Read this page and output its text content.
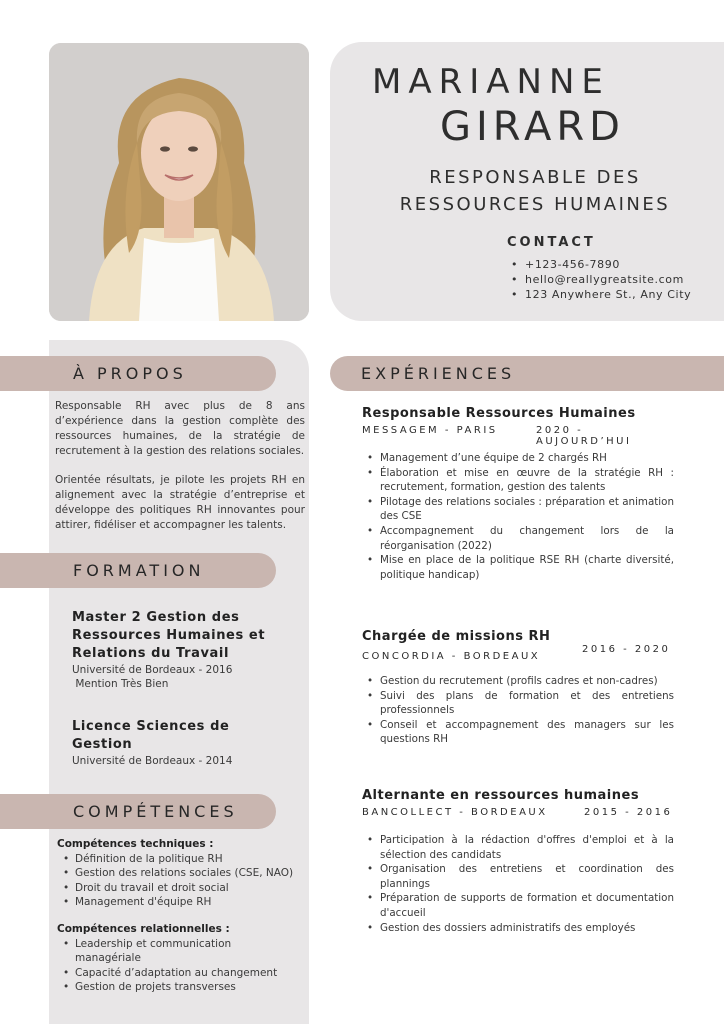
MARIANNE
GIRARD
RESPONSABLE DES
RESSOURCES HUMAINES
CONTACT
• +123-456-7890
• hello@reallygreatsite.com
• 123 Anywhere St., Any City
À PROPOS

Responsable RH avec plus de 8 ans d’expérience dans la gestion complète des ressources humaines, de la stratégie de recrutement à la gestion des relations sociales.

Orientée résultats, je pilote les projets RH en alignement avec la stratégie d’entreprise et développe des politiques RH innovantes pour attirer, fidéliser et accompagner les talents.

FORMATION
Master 2 Gestion des Ressources Humaines et Relations du Travail
Université de Bordeaux - 2016
Mention Très Bien
Licence Sciences de Gestion
Université de Bordeaux - 2014
COMPÉTENCES
Compétences techniques :
• Définition de la politique RH
• Gestion des relations sociales (CSE, NAO)
• Droit du travail et droit social
• Management d'équipe RH
Compétences relationnelles :
• Leadership et communication managériale
• Capacité d’adaptation au changement
• Gestion de projets transverses
EXPÉRIENCES
Responsable Ressources Humaines
MESSAGEM - PARIS	2020 - AUJOURD’HUI
• Management d’une équipe de 2 chargés RH
• Élaboration et mise en œuvre de la stratégie RH : recrutement, formation, gestion des talents
• Pilotage des relations sociales : préparation et animation des CSE
• Accompagnement du changement lors de la réorganisation (2022)
• Mise en place de la politique RSE RH (charte diversité, politique handicap)
Chargée de missions RH
CONCORDIA - BORDEAUX
2016 - 2020
• Gestion du recrutement (profils cadres et non-cadres)
• Suivi des plans de formation et des entretiens professionnels
• Conseil et accompagnement des managers sur les questions RH
Alternante en ressources humaines
BANCOLLECT - BORDEAUX	2015 - 2016
• Participation à la rédaction d'offres d'emploi et à la sélection des candidats
• Organisation des entretiens et coordination des plannings
• Préparation de supports de formation et documentation d'accueil
• Gestion des dossiers administratifs des employés
